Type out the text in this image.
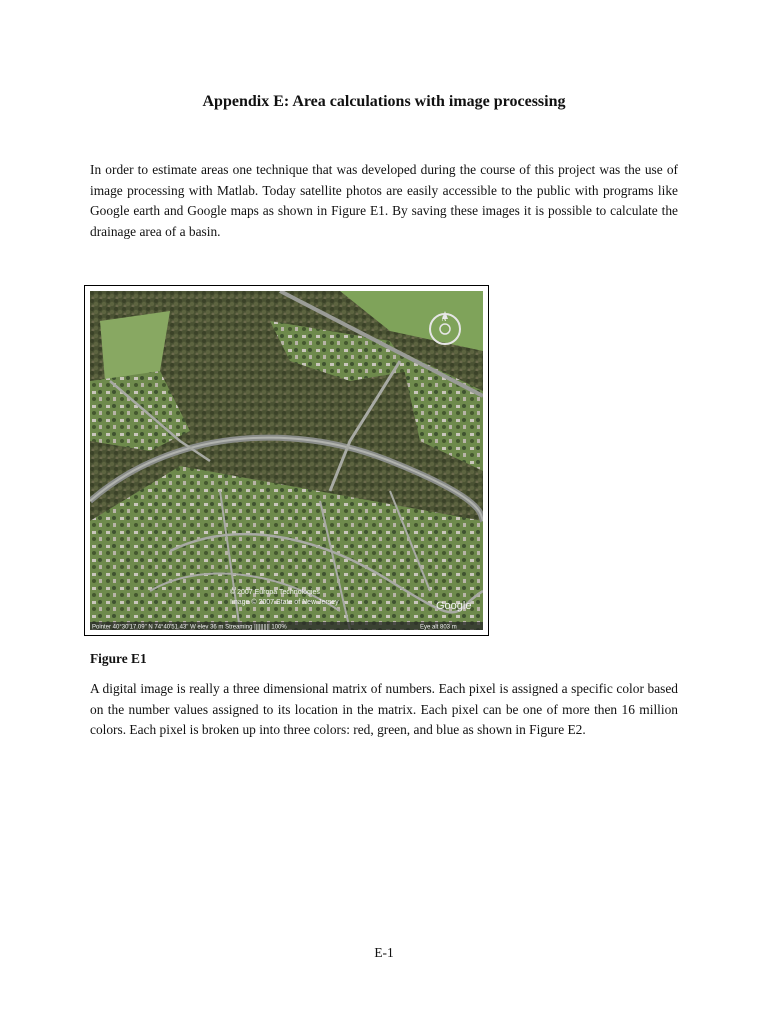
Appendix E: Area calculations with image processing

In order to estimate areas one technique that was developed during the course of this project was the use of image processing with Matlab. Today satellite photos are easily accessible to the public with programs like Google earth and Google maps as shown in Figure E1. By saving these images it is possible to calculate the drainage area of a basin.

N
© 2007 Europa Technologies
Image © 2007 State of New Jersey	Google
Pointer 40°30'17.09" N 74°40'51.43" W elev 36 m Streaming |||||||||| 100%	Eye alt 803 m
Figure E1

A digital image is really a three dimensional matrix of numbers. Each pixel is assigned a specific color based on the number values assigned to its location in the matrix. Each pixel can be one of more then 16 million colors. Each pixel is broken up into three colors: red, green, and blue as shown in Figure E2.

E-1
